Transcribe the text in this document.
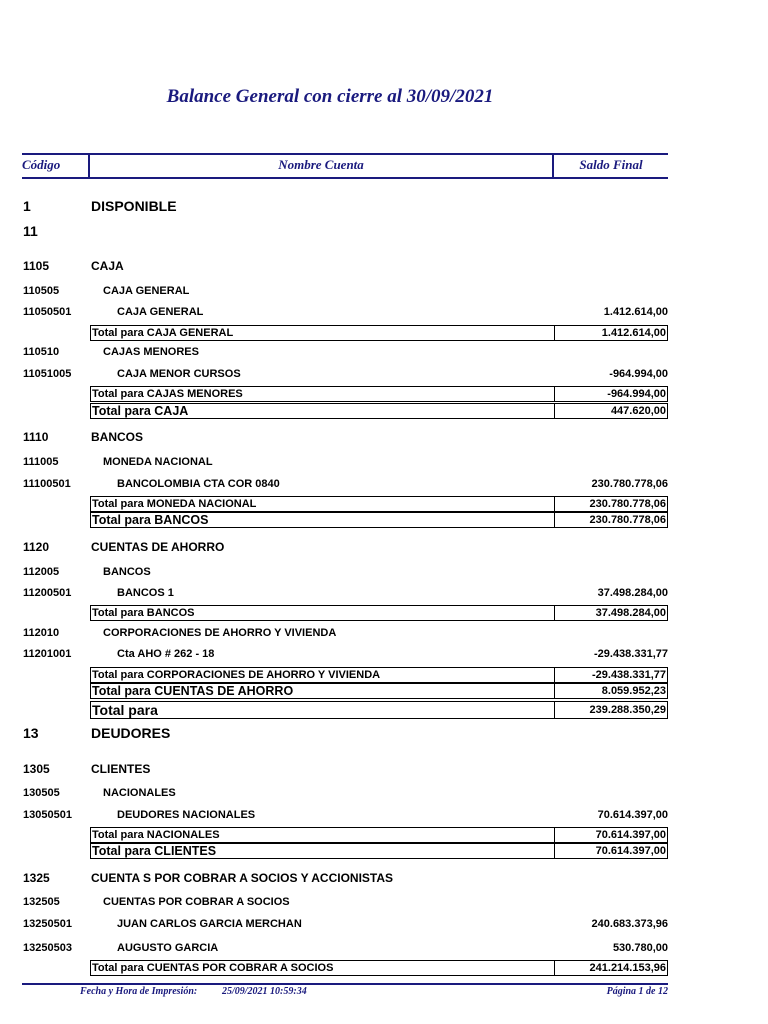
Balance General con cierre al 30/09/2021
Código	Nombre Cuenta	Saldo Final
1	DISPONIBLE
11
1105	CAJA
110505	CAJA GENERAL
11050501	CAJA GENERAL	1.412.614,00
Total para CAJA GENERAL	1.412.614,00
110510	CAJAS MENORES
11051005	CAJA MENOR CURSOS	-964.994,00
Total para CAJAS MENORES	-964.994,00
Total para CAJA	447.620,00
1110	BANCOS
111005	MONEDA NACIONAL
11100501	BANCOLOMBIA CTA COR 0840	230.780.778,06
Total para MONEDA NACIONAL	230.780.778,06
Total para BANCOS	230.780.778,06
1120	CUENTAS DE AHORRO
112005	BANCOS
11200501	BANCOS 1	37.498.284,00
Total para BANCOS	37.498.284,00
112010	CORPORACIONES DE AHORRO Y VIVIENDA
11201001	Cta AHO # 262 - 18	-29.438.331,77
Total para CORPORACIONES DE AHORRO Y VIVIENDA	-29.438.331,77
Total para CUENTAS DE AHORRO	8.059.952,23
Total para	239.288.350,29
13	DEUDORES
1305	CLIENTES
130505	NACIONALES
13050501	DEUDORES NACIONALES	70.614.397,00
Total para NACIONALES	70.614.397,00
Total para CLIENTES	70.614.397,00
1325	CUENTA S POR COBRAR A SOCIOS Y ACCIONISTAS
132505	CUENTAS POR COBRAR A SOCIOS
13250501	JUAN CARLOS GARCIA MERCHAN	240.683.373,96
13250503	AUGUSTO GARCIA	530.780,00
Total para CUENTAS POR COBRAR A SOCIOS	241.214.153,96
Fecha y Hora de Impresión: 25/09/2021 10:59:34	Página 1 de 12
